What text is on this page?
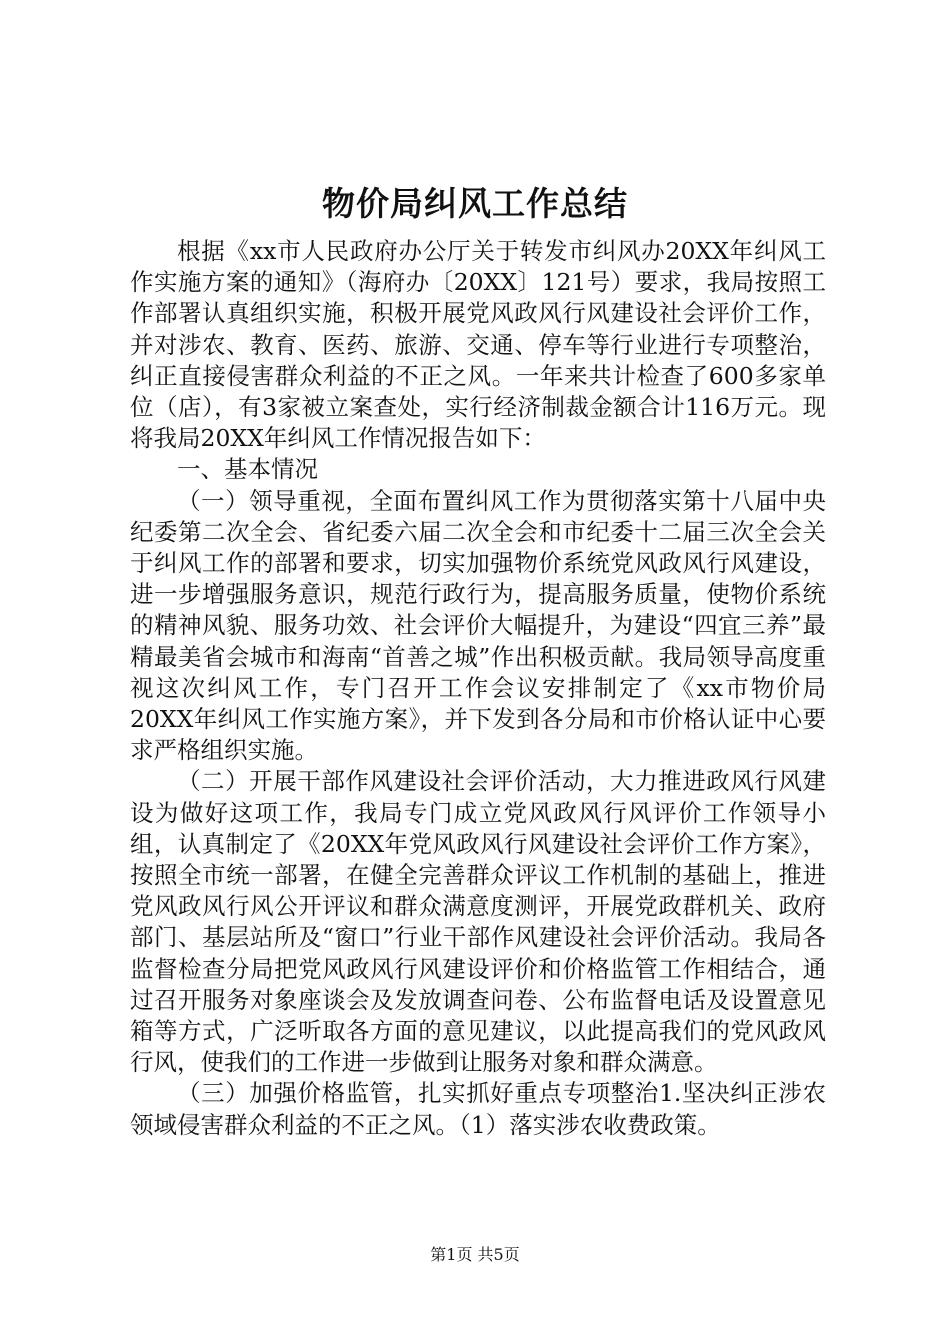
物价局纠风工作总结

根据《xx市人民政府办公厅关于转发市纠风办20XX年纠风工作实施方案的通知》（海府办〔20XX〕121号）要求，我局按照工作部署认真组织实施，积极开展党风政风行风建设社会评价工作，并对涉农、教育、医药、旅游、交通、停车等行业进行专项整治，纠正直接侵害群众利益的不正之风。一年来共计检查了600多家单位（店），有3家被立案查处，实行经济制裁金额合计116万元。现将我局20XX年纠风工作情况报告如下：

一、基本情况

（一）领导重视，全面布置纠风工作为贯彻落实第十八届中央纪委第二次全会、省纪委六届二次全会和市纪委十二届三次全会关于纠风工作的部署和要求，切实加强物价系统党风政风行风建设，进一步增强服务意识，规范行政行为，提高服务质量，使物价系统的精神风貌、服务功效、社会评价大幅提升，为建设“四宜三养”最精最美省会城市和海南“首善之城”作出积极贡献。我局领导高度重视这次纠风工作，专门召开工作会议安排制定了《xx市物价局20XX年纠风工作实施方案》，并下发到各分局和市价格认证中心要求严格组织实施。

（二）开展干部作风建设社会评价活动，大力推进政风行风建设为做好这项工作，我局专门成立党风政风行风评价工作领导小组，认真制定了《20XX年党风政风行风建设社会评价工作方案》，按照全市统一部署，在健全完善群众评议工作机制的基础上，推进党风政风行风公开评议和群众满意度测评，开展党政群机关、政府部门、基层站所及“窗口”行业干部作风建设社会评价活动。我局各监督检查分局把党风政风行风建设评价和价格监管工作相结合，通过召开服务对象座谈会及发放调查问卷、公布监督电话及设置意见箱等方式，广泛听取各方面的意见建议，以此提高我们的党风政风行风，使我们的工作进一步做到让服务对象和群众满意。

（三）加强价格监管，扎实抓好重点专项整治1.坚决纠正涉农领域侵害群众利益的不正之风。（1）落实涉农收费政策。

第1页 共5页
